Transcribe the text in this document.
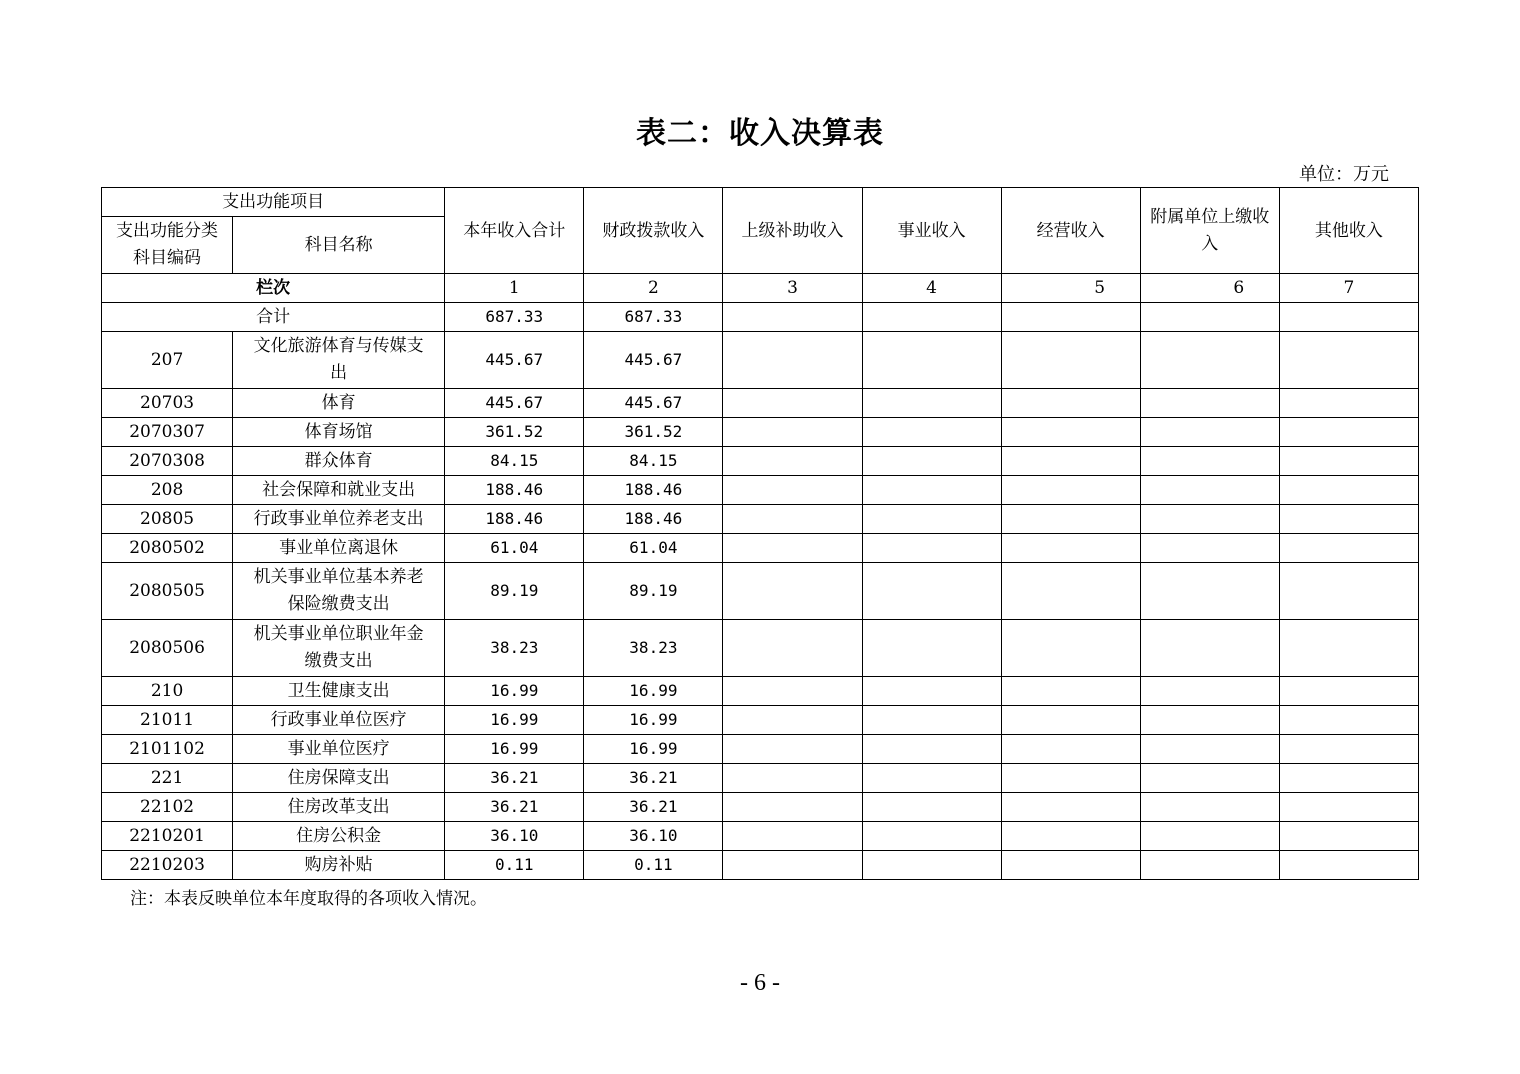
表二：收入决算表
单位：万元
支出功能项目		本年收入合计	财政拨款收入	上级补助收入	事业收入	经营收入	附属单位上缴收入	其他收入
支出功能分类科目编码	科目名称							
栏次		1	2	3	4	5	6	7
合计		687.33	687.33					
207	文化旅游体育与传媒支出	445.67	445.67					
20703	体育	445.67	445.67					
2070307	体育场馆	361.52	361.52					
2070308	群众体育	84.15	84.15					
208	社会保障和就业支出	188.46	188.46					
20805	行政事业单位养老支出	188.46	188.46					
2080502	事业单位离退休	61.04	61.04					
2080505	机关事业单位基本养老保险缴费支出	89.19	89.19					
2080506	机关事业单位职业年金缴费支出	38.23	38.23					
210	卫生健康支出	16.99	16.99					
21011	行政事业单位医疗	16.99	16.99					
2101102	事业单位医疗	16.99	16.99					
221	住房保障支出	36.21	36.21					
22102	住房改革支出	36.21	36.21					
2210201	住房公积金	36.10	36.10					
2210203	购房补贴	0.11	0.11					
注：本表反映单位本年度取得的各项收入情况。
- 6 -
